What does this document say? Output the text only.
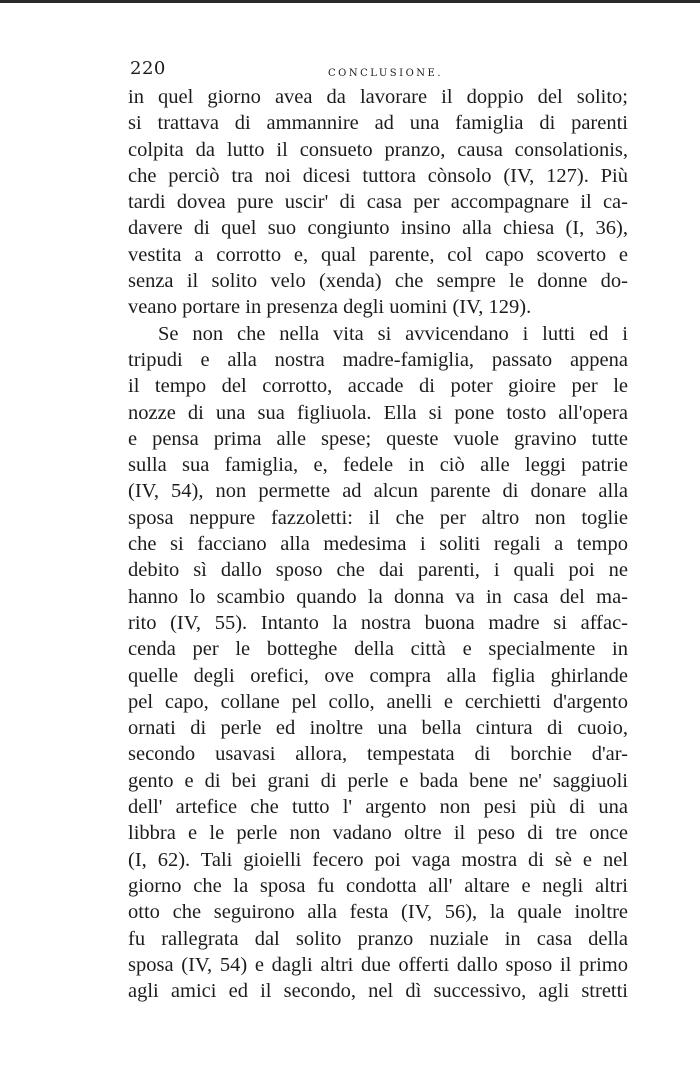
220	CONCLUSIONE.
in quel giorno avea da lavorare il doppio del solito;
si trattava di ammannire ad una famiglia di parenti
colpita da lutto il consueto pranzo, causa consolationis,
che perciò tra noi dicesi tuttora cònsolo (IV, 127). Più
tardi dovea pure uscir' di casa per accompagnare il ca-
davere di quel suo congiunto insino alla chiesa (I, 36),
vestita a corrotto e, qual parente, col capo scoverto e
senza il solito velo (xenda) che sempre le donne do-
veano portare in presenza degli uomini (IV, 129).
Se non che nella vita si avvicendano i lutti ed i
tripudi e alla nostra madre-famiglia, passato appena
il tempo del corrotto, accade di poter gioire per le
nozze di una sua figliuola. Ella si pone tosto all'opera
e pensa prima alle spese; queste vuole gravino tutte
sulla sua famiglia, e, fedele in ciò alle leggi patrie
(IV, 54), non permette ad alcun parente di donare alla
sposa neppure fazzoletti: il che per altro non toglie
che si facciano alla medesima i soliti regali a tempo
debito sì dallo sposo che dai parenti, i quali poi ne
hanno lo scambio quando la donna va in casa del ma-
rito (IV, 55). Intanto la nostra buona madre si affac-
cenda per le botteghe della città e specialmente in
quelle degli orefici, ove compra alla figlia ghirlande
pel capo, collane pel collo, anelli e cerchietti d'argento
ornati di perle ed inoltre una bella cintura di cuoio,
secondo usavasi allora, tempestata di borchie d'ar-
gento e di bei grani di perle e bada bene ne' saggiuoli
dell' artefice che tutto l' argento non pesi più di una
libbra e le perle non vadano oltre il peso di tre once
(I, 62). Tali gioielli fecero poi vaga mostra di sè e nel
giorno che la sposa fu condotta all' altare e negli altri
otto che seguirono alla festa (IV, 56), la quale inoltre
fu rallegrata dal solito pranzo nuziale in casa della
sposa (IV, 54) e dagli altri due offerti dallo sposo il primo
agli amici ed il secondo, nel dì successivo, agli stretti
